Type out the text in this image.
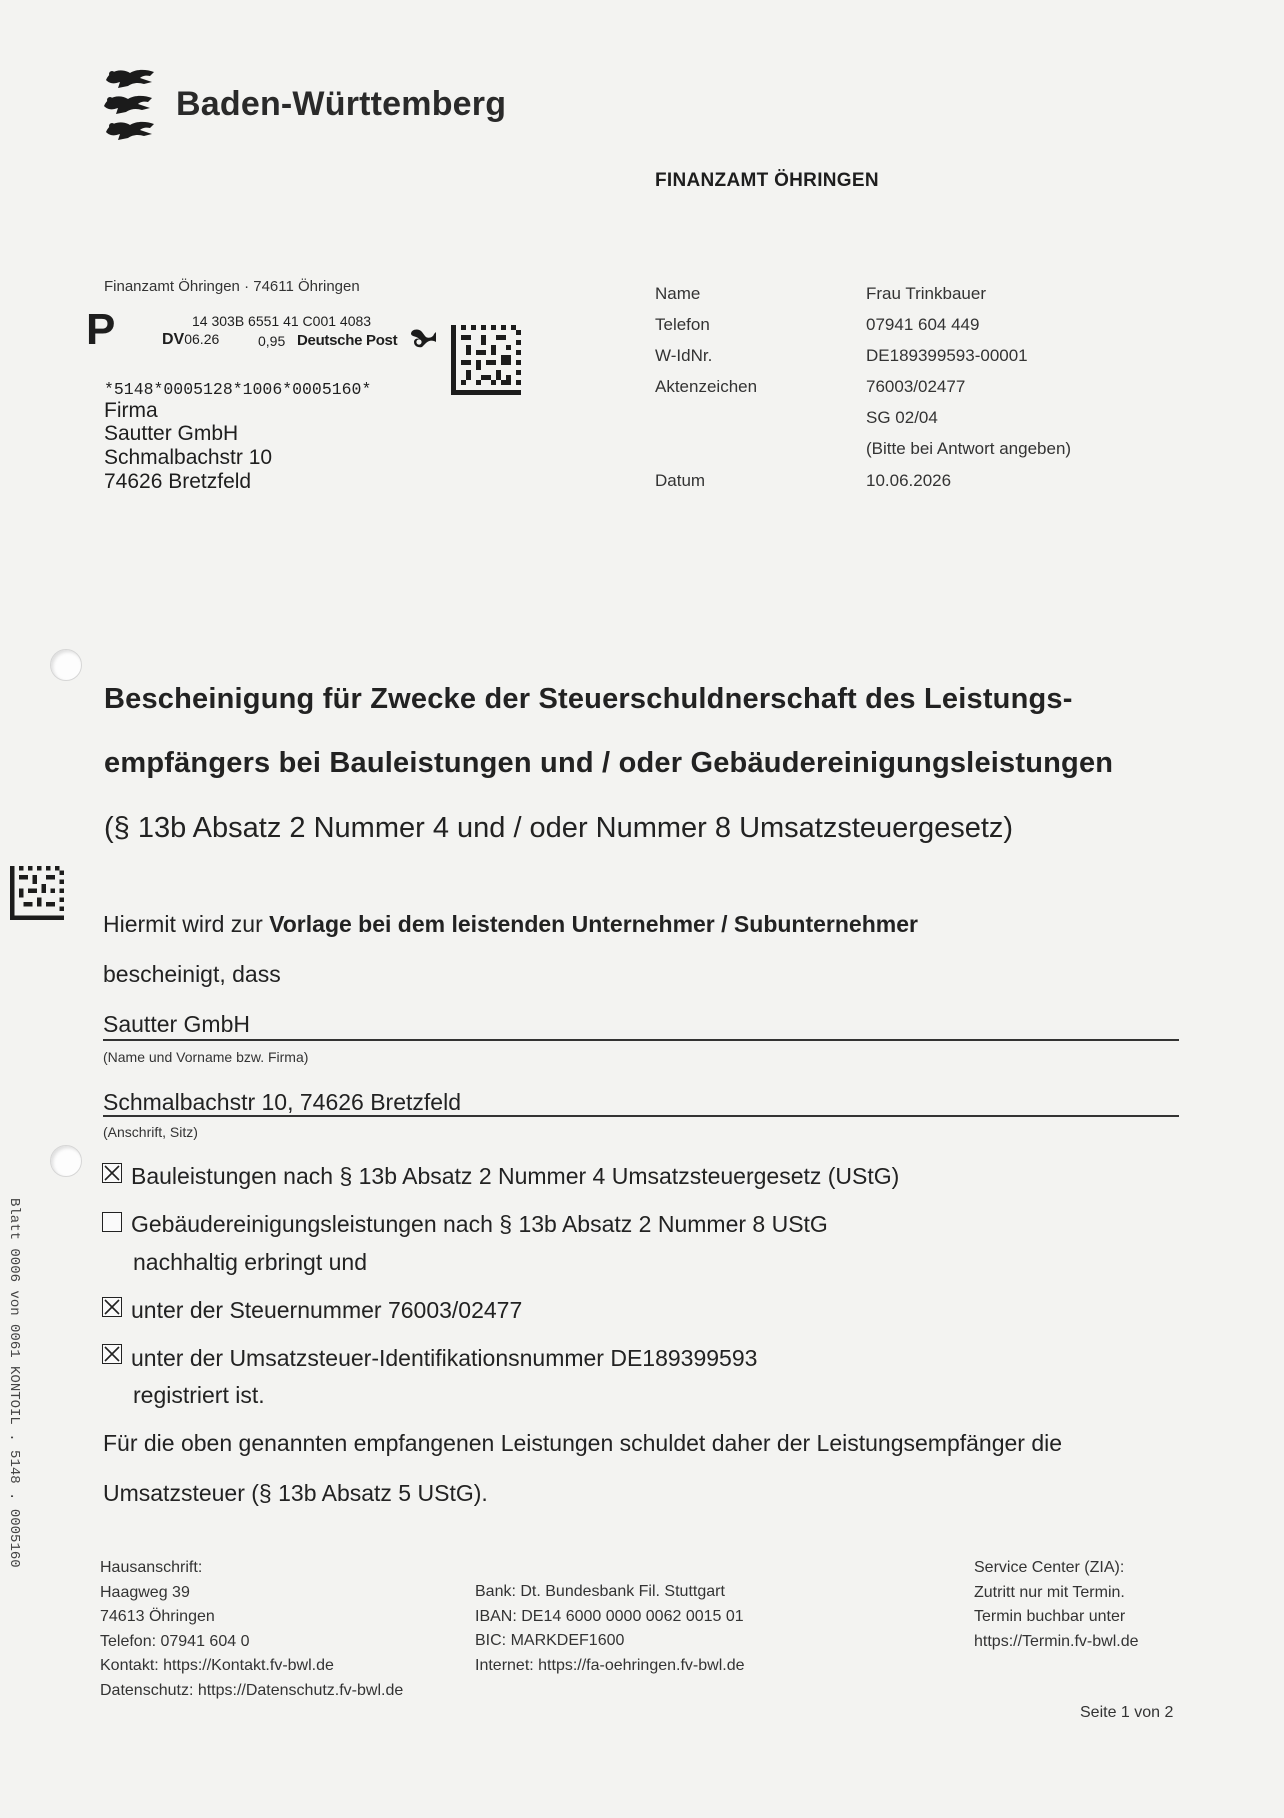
Baden-Württemberg
FINANZAMT ÖHRINGEN
Finanzamt Öhringen · 74611 Öhringen
P	14 303B 6551 41 C001 4083
DV06.26	0,95 Deutsche Post
*5148*0005128*1006*0005160*
Firma
Sautter GmbH
Schmalbachstr 10
74626 Bretzfeld
Name	Frau Trinkbauer
Telefon	07941 604 449
W-IdNr.	DE189399593-00001
Aktenzeichen	76003/02477
SG 02/04
(Bitte bei Antwort angeben)
Datum	10.06.2026
Bescheinigung für Zwecke der Steuerschuldnerschaft des Leistungs-
empfängers bei Bauleistungen und / oder Gebäudereinigungsleistungen
(§ 13b Absatz 2 Nummer 4 und / oder Nummer 8 Umsatzsteuergesetz)
Hiermit wird zur Vorlage bei dem leistenden Unternehmer / Subunternehmer
bescheinigt, dass
Sautter GmbH
(Name und Vorname bzw. Firma)
Schmalbachstr 10, 74626 Bretzfeld
(Anschrift, Sitz)
Bauleistungen nach § 13b Absatz 2 Nummer 4 Umsatzsteuergesetz (UStG)
Gebäudereinigungsleistungen nach § 13b Absatz 2 Nummer 8 UStG
nachhaltig erbringt und
unter der Steuernummer 76003/02477
unter der Umsatzsteuer-Identifikationsnummer DE189399593
registriert ist.
Für die oben genannten empfangenen Leistungen schuldet daher der Leistungsempfänger die
Umsatzsteuer (§ 13b Absatz 5 UStG).
Hausanschrift:
Haagweg 39
74613 Öhringen
Telefon: 07941 604 0
Kontakt: https://Kontakt.fv-bwl.de
Datenschutz: https://Datenschutz.fv-bwl.de
Bank: Dt. Bundesbank Fil. Stuttgart
IBAN: DE14 6000 0000 0062 0015 01
BIC: MARKDEF1600
Internet: https://fa-oehringen.fv-bwl.de
Service Center (ZIA):
Zutritt nur mit Termin.
Termin buchbar unter
https://Termin.fv-bwl.de
Seite 1 von 2
Blatt 0006 von 0061 KONTOIL . 5148 . 0005160
